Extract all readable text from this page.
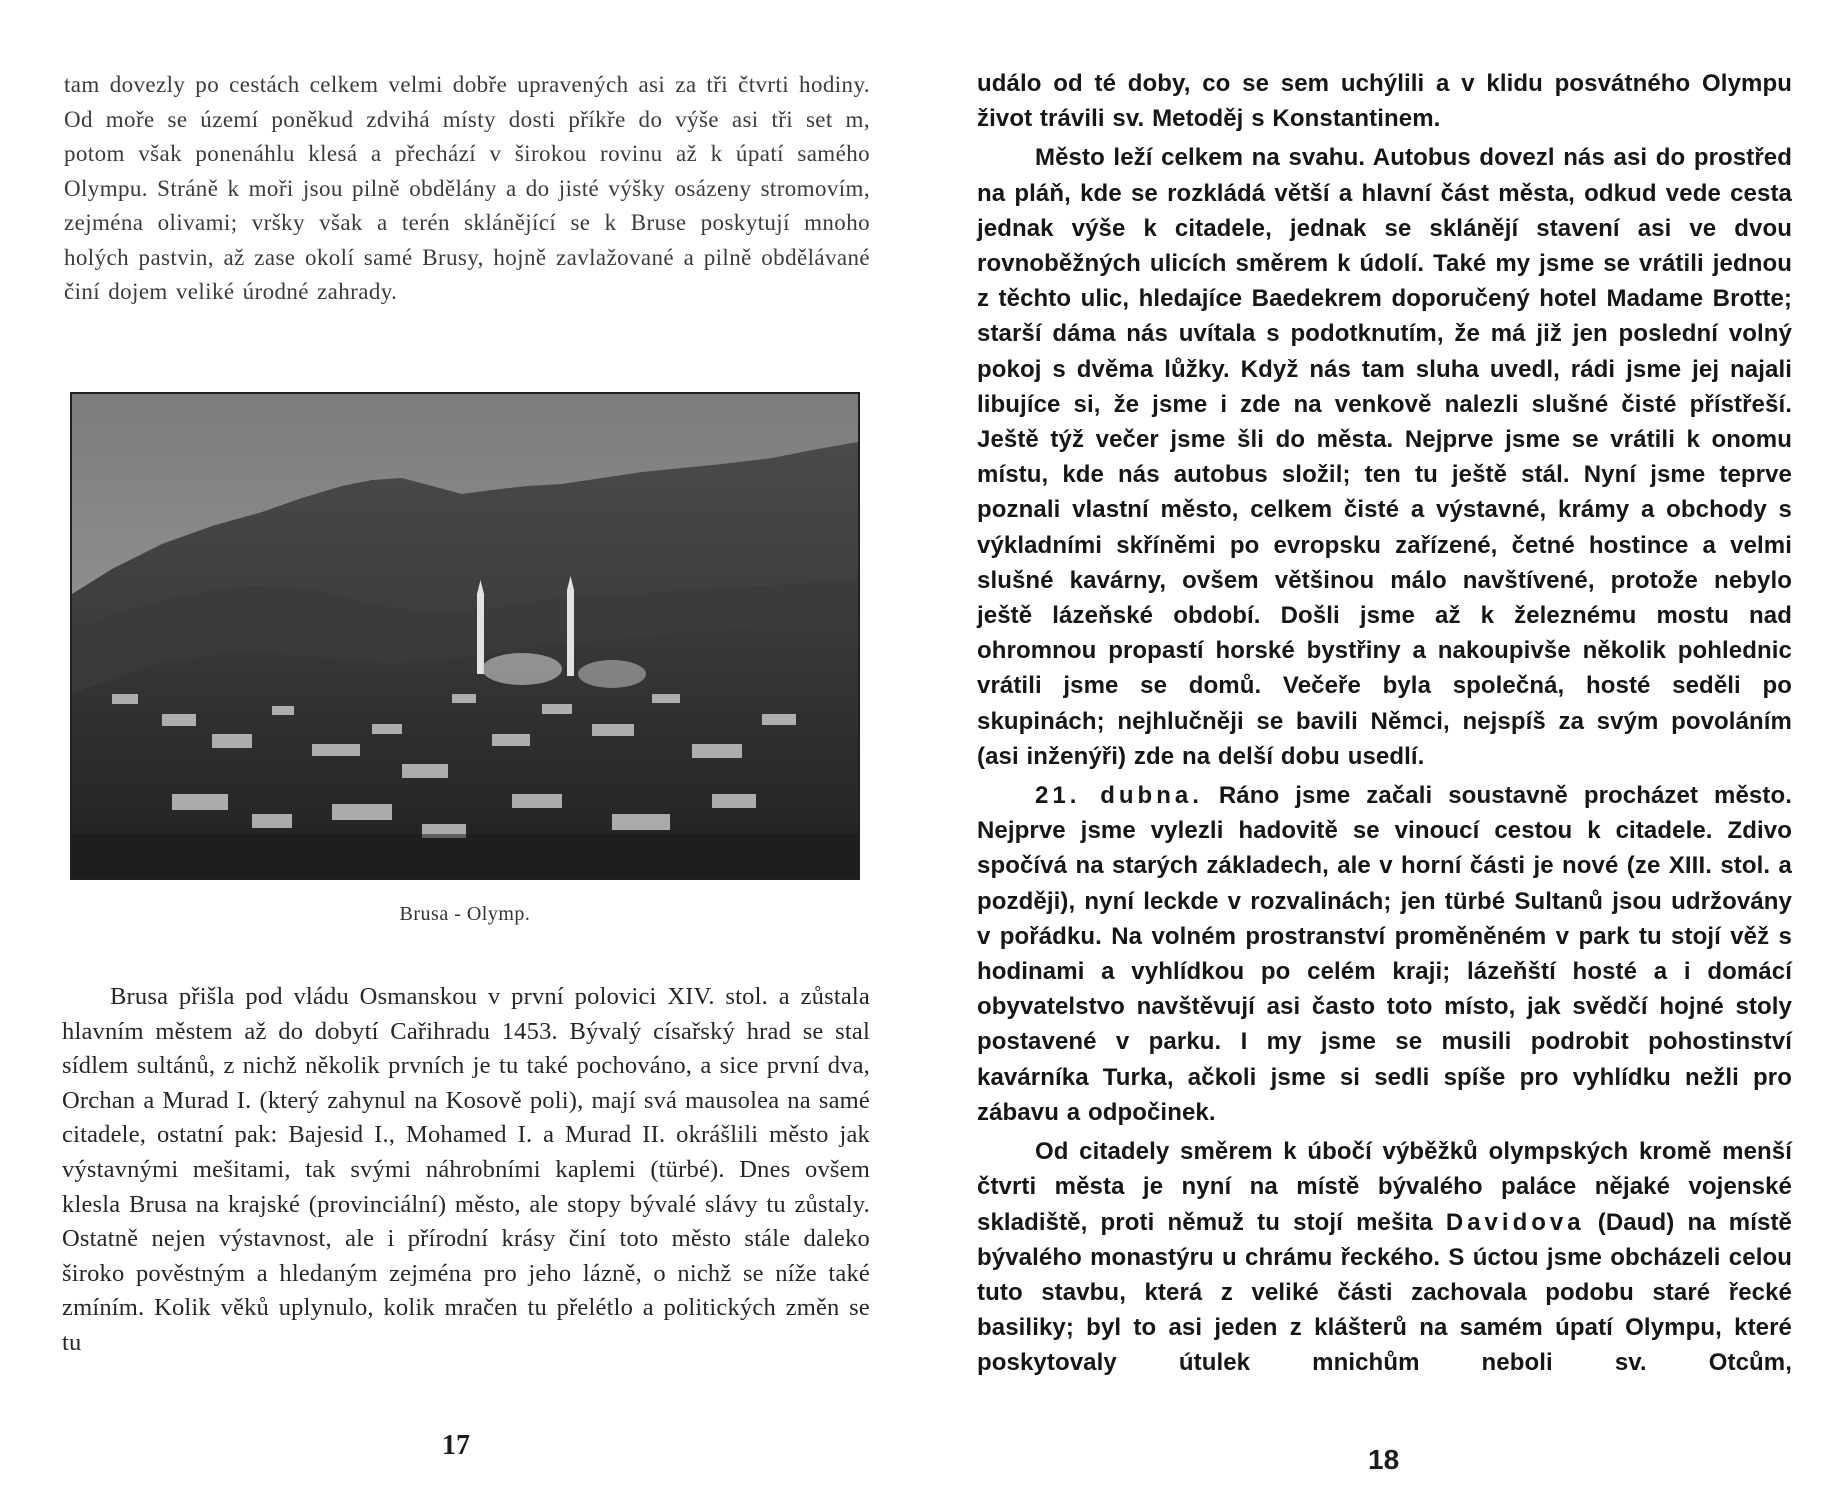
tam dovezly po cestách celkem velmi dobře upravených asi za tři čtvrti hodiny. Od moře se území poněkud zdvihá místy dosti příkře do výše asi tři set m, potom však ponenáhlu klesá a přechází v širokou rovinu až k úpatí samého Olympu. Stráně k moři jsou pilně obdělány a do jisté výšky osázeny stromovím, zejména olivami; vršky však a terén sklánějící se k Bruse poskytují mnoho holých pastvin, až zase okolí samé Brusy, hojně zavlažované a pilně obdělávané činí dojem veliké úrodné zahrady.

Brusa - Olymp.

Brusa přišla pod vládu Osmanskou v první polovici XIV. stol. a zůstala hlavním městem až do dobytí Cařihradu 1453. Bývalý císařský hrad se stal sídlem sultánů, z nichž několik prvních je tu také pochováno, a sice první dva, Orchan a Murad I. (který zahynul na Kosově poli), mají svá mausolea na samé citadele, ostatní pak: Bajesid I., Mohamed I. a Murad II. okrášlili město jak výstavnými mešitami, tak svými náhrobními kaplemi (türbé). Dnes ovšem klesla Brusa na krajské (provinciální) město, ale stopy bývalé slávy tu zůstaly. Ostatně nejen výstavnost, ale i přírodní krásy činí toto město stále daleko široko pověstným a hledaným zejména pro jeho lázně, o nichž se níže také zmíním. Kolik věků uplynulo, kolik mračen tu přelétlo a politických změn se tu

17

událo od té doby, co se sem uchýlili a v klidu posvátného Olympu život trávili sv. Metoděj s Konstantinem.

Město leží celkem na svahu. Autobus dovezl nás asi do prostřed na pláň, kde se rozkládá větší a hlavní část města, odkud vede cesta jednak výše k citadele, jednak se sklánějí stavení asi ve dvou rovnoběžných ulicích směrem k údolí. Také my jsme se vrátili jednou z těchto ulic, hledajíce Baedekrem doporučený hotel Madame Brotte; starší dáma nás uvítala s podotknutím, že má již jen poslední volný pokoj s dvěma lůžky. Když nás tam sluha uvedl, rádi jsme jej najali libujíce si, že jsme i zde na venkově nalezli slušné čisté přístřeší. Ještě týž večer jsme šli do města. Nejprve jsme se vrátili k onomu místu, kde nás autobus složil; ten tu ještě stál. Nyní jsme teprve poznali vlastní město, celkem čisté a výstavné, krámy a obchody s výkladními skříněmi po evropsku zařízené, četné hostince a velmi slušné kavárny, ovšem většinou málo navštívené, protože nebylo ještě lázeňské období. Došli jsme až k železnému mostu nad ohromnou propastí horské bystřiny a nakoupivše několik pohlednic vrátili jsme se domů. Večeře byla společná, hosté seděli po skupinách; nejhlučněji se bavili Němci, nejspíš za svým povoláním (asi inženýři) zde na delší dobu usedlí.

21. dubna. Ráno jsme začali soustavně procházet město. Nejprve jsme vylezli hadovitě se vinoucí cestou k citadele. Zdivo spočívá na starých základech, ale v horní části je nové (ze XIII. stol. a později), nyní leckde v rozvalinách; jen türbé Sultanů jsou udržovány v pořádku. Na volném prostranství proměněném v park tu stojí věž s hodinami a vyhlídkou po celém kraji; lázeňští hosté a i domácí obyvatelstvo navštěvují asi často toto místo, jak svědčí hojné stoly postavené v parku. I my jsme se musili podrobit pohostinství kavárníka Turka, ačkoli jsme si sedli spíše pro vyhlídku nežli pro zábavu a odpočinek.

Od citadely směrem k úbočí výběžků olympských kromě menší čtvrti města je nyní na místě bývalého paláce nějaké vojenské skladiště, proti němuž tu stojí mešita Davidova (Daud) na místě bývalého monastýru u chrámu řeckého. S úctou jsme obcházeli celou tuto stavbu, která z veliké části zachovala podobu staré řecké basiliky; byl to asi jeden z klášterů na samém úpatí Olympu, které poskytovaly útulek mnichům neboli sv. Otcům,

18
